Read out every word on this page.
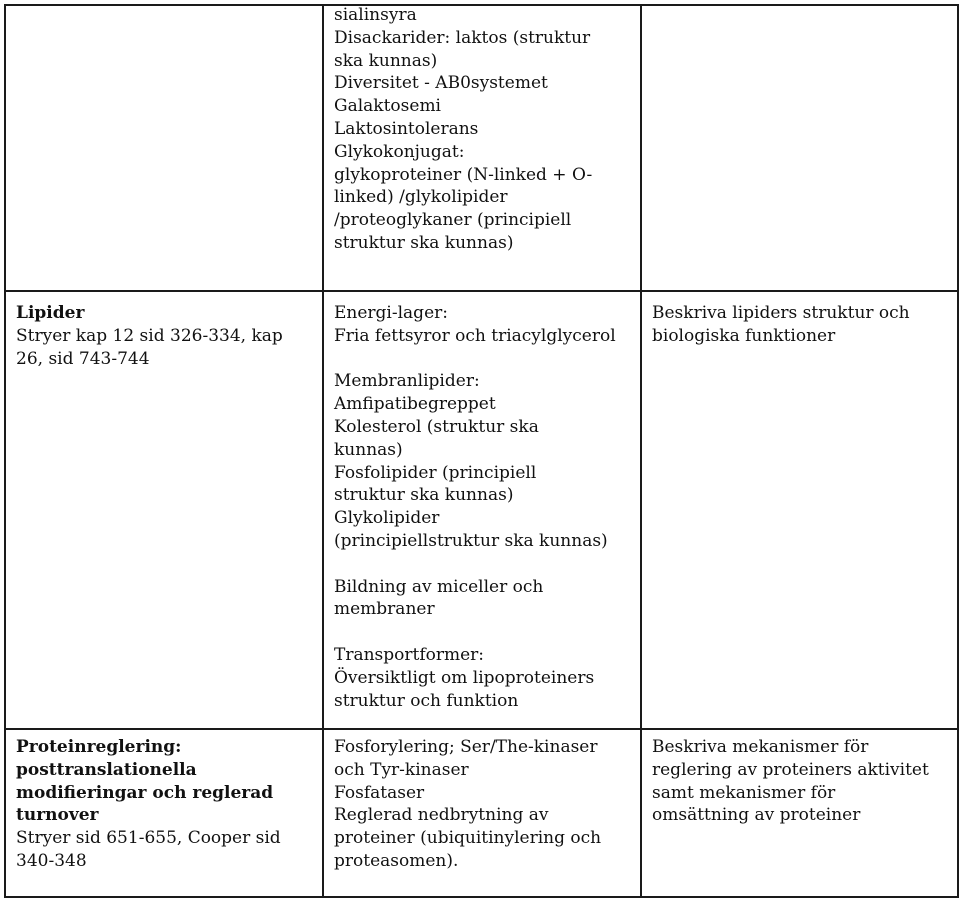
sialinsyra
Disackarider: laktos (struktur
ska kunnas)
Diversitet - AB0systemet
Galaktosemi
Laktosintolerans
Glykokonjugat:
glykoproteiner (N-linked + O-
linked) /glykolipider
/proteoglykaner (principiell
struktur ska kunnas)
Lipider
Stryer kap 12 sid 326-334, kap
26, sid 743-744
Energi-lager:
Fria fettsyror och triacylglycerol
Membranlipider:
Amfipatibegreppet
Kolesterol (struktur ska
kunnas)
Fosfolipider (principiell
struktur ska kunnas)
Glykolipider
(principiellstruktur ska kunnas)
Bildning av miceller och
membraner
Transportformer:
Översiktligt om lipoproteiners
struktur och funktion
Beskriva lipiders struktur och
biologiska funktioner
Proteinreglering:
posttranslationella
modifieringar och reglerad
turnover
Stryer sid 651-655, Cooper sid
340-348
Fosforylering; Ser/The-kinaser
och Tyr-kinaser
Fosfataser
Reglerad nedbrytning av
proteiner (ubiquitinylering och
proteasomen).
Beskriva mekanismer för
reglering av proteiners aktivitet
samt mekanismer för
omsättning av proteiner
